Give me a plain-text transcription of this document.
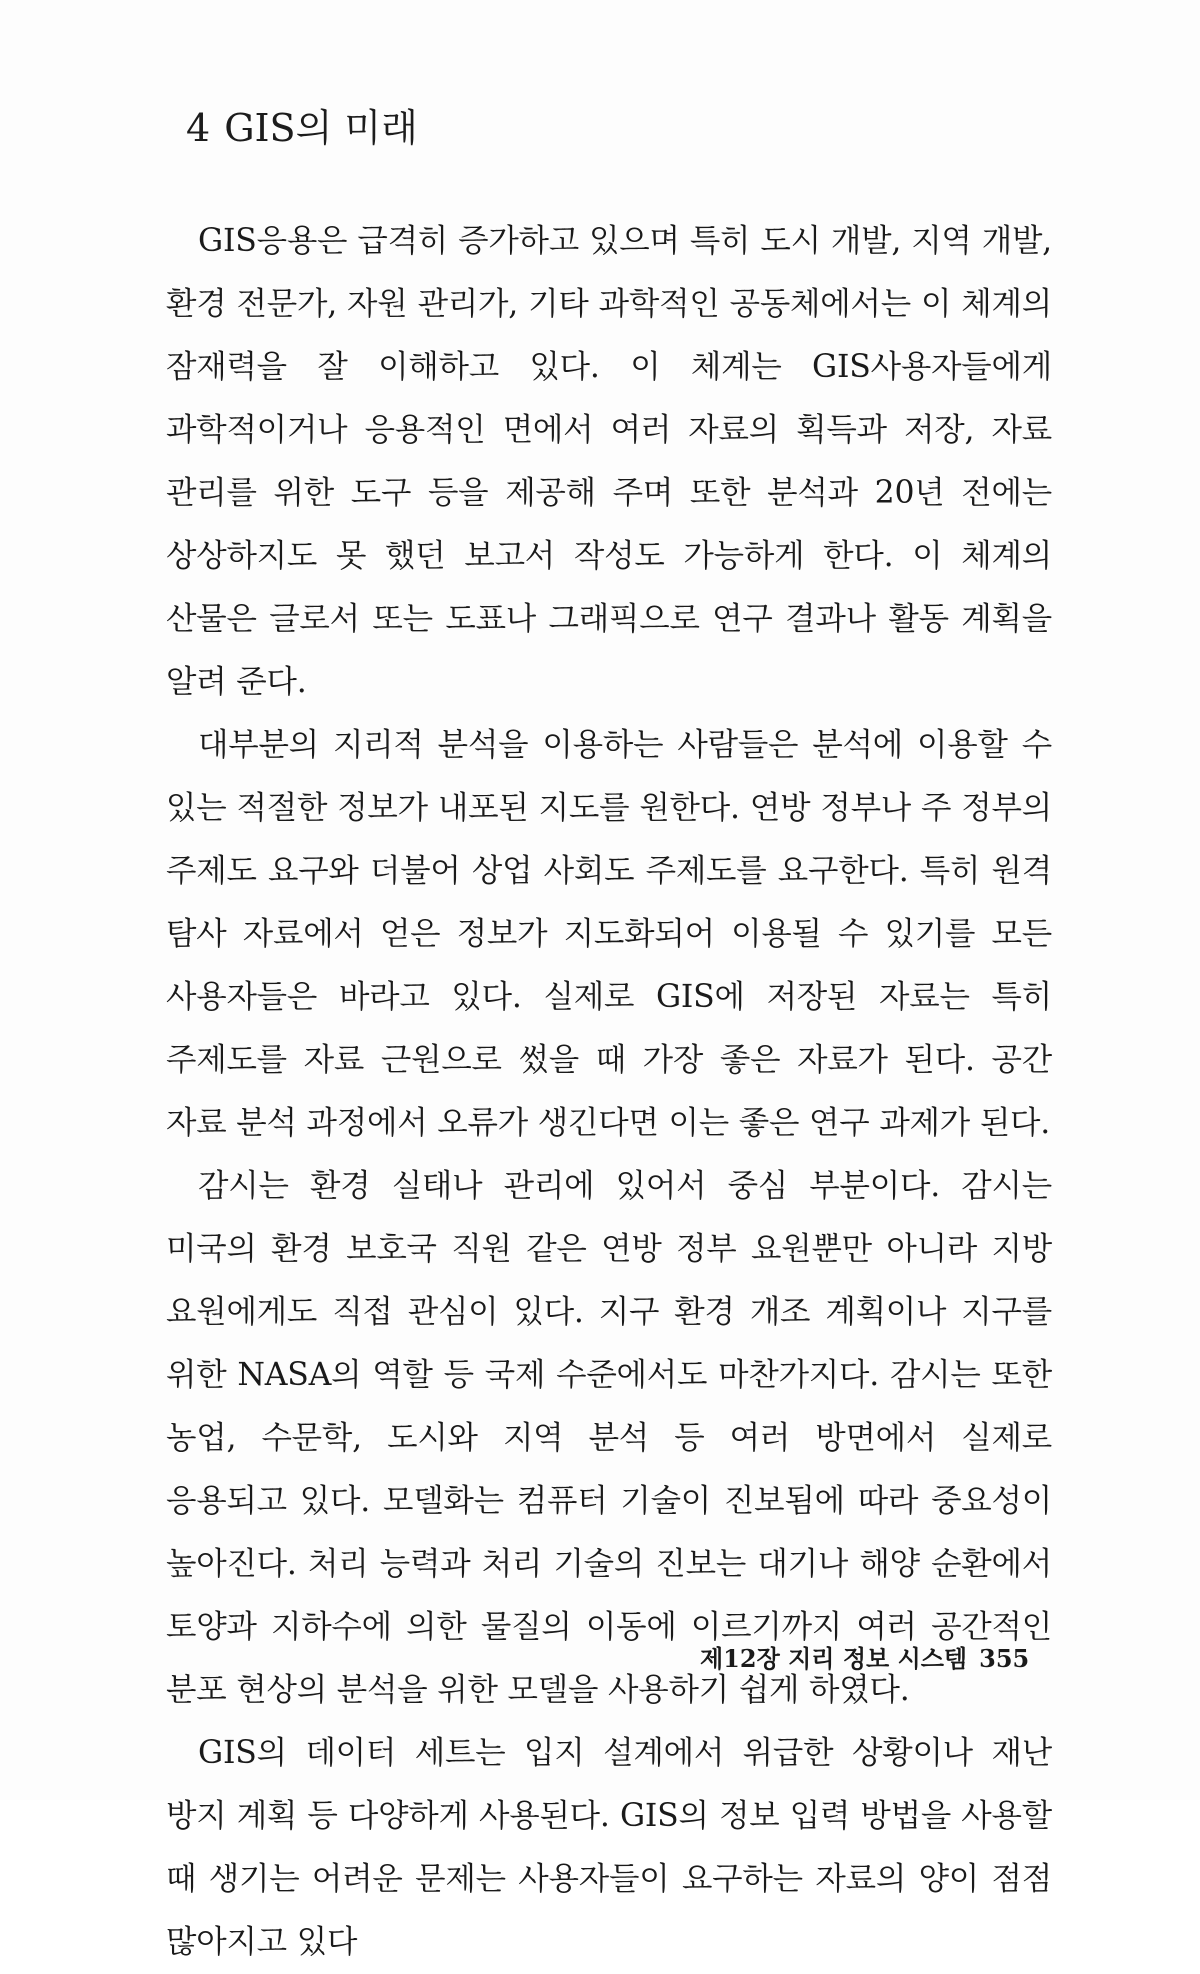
4 GIS의 미래

GIS응용은 급격히 증가하고 있으며 특히 도시 개발, 지역 개발, 환경 전문가, 자원 관리가, 기타 과학적인 공동체에서는 이 체계의 잠재력을 잘 이해하고 있다. 이 체계는 GIS사용자들에게 과학적이거나 응용적인 면에서 여러 자료의 획득과 저장, 자료 관리를 위한 도구 등을 제공해 주며 또한 분석과 20년 전에는 상상하지도 못 했던 보고서 작성도 가능하게 한다. 이 체계의 산물은 글로서 또는 도표나 그래픽으로 연구 결과나 활동 계획을 알려 준다.

대부분의 지리적 분석을 이용하는 사람들은 분석에 이용할 수 있는 적절한 정보가 내포된 지도를 원한다. 연방 정부나 주 정부의 주제도 요구와 더불어 상업 사회도 주제도를 요구한다. 특히 원격 탐사 자료에서 얻은 정보가 지도화되어 이용될 수 있기를 모든 사용자들은 바라고 있다. 실제로 GIS에 저장된 자료는 특히 주제도를 자료 근원으로 썼을 때 가장 좋은 자료가 된다. 공간 자료 분석 과정에서 오류가 생긴다면 이는 좋은 연구 과제가 된다.

감시는 환경 실태나 관리에 있어서 중심 부분이다. 감시는 미국의 환경 보호국 직원 같은 연방 정부 요원뿐만 아니라 지방 요원에게도 직접 관심이 있다. 지구 환경 개조 계획이나 지구를 위한 NASA의 역할 등 국제 수준에서도 마찬가지다. 감시는 또한 농업, 수문학, 도시와 지역 분석 등 여러 방면에서 실제로 응용되고 있다. 모델화는 컴퓨터 기술이 진보됨에 따라 중요성이 높아진다. 처리 능력과 처리 기술의 진보는 대기나 해양 순환에서 토양과 지하수에 의한 물질의 이동에 이르기까지 여러 공간적인 분포 현상의 분석을 위한 모델을 사용하기 쉽게 하였다.

GIS의 데이터 세트는 입지 설계에서 위급한 상황이나 재난 방지 계획 등 다양하게 사용된다. GIS의 정보 입력 방법을 사용할 때 생기는 어려운 문제는 사용자들이 요구하는 자료의 양이 점점 많아지고 있다

제12장 지리 정보 시스템 355
